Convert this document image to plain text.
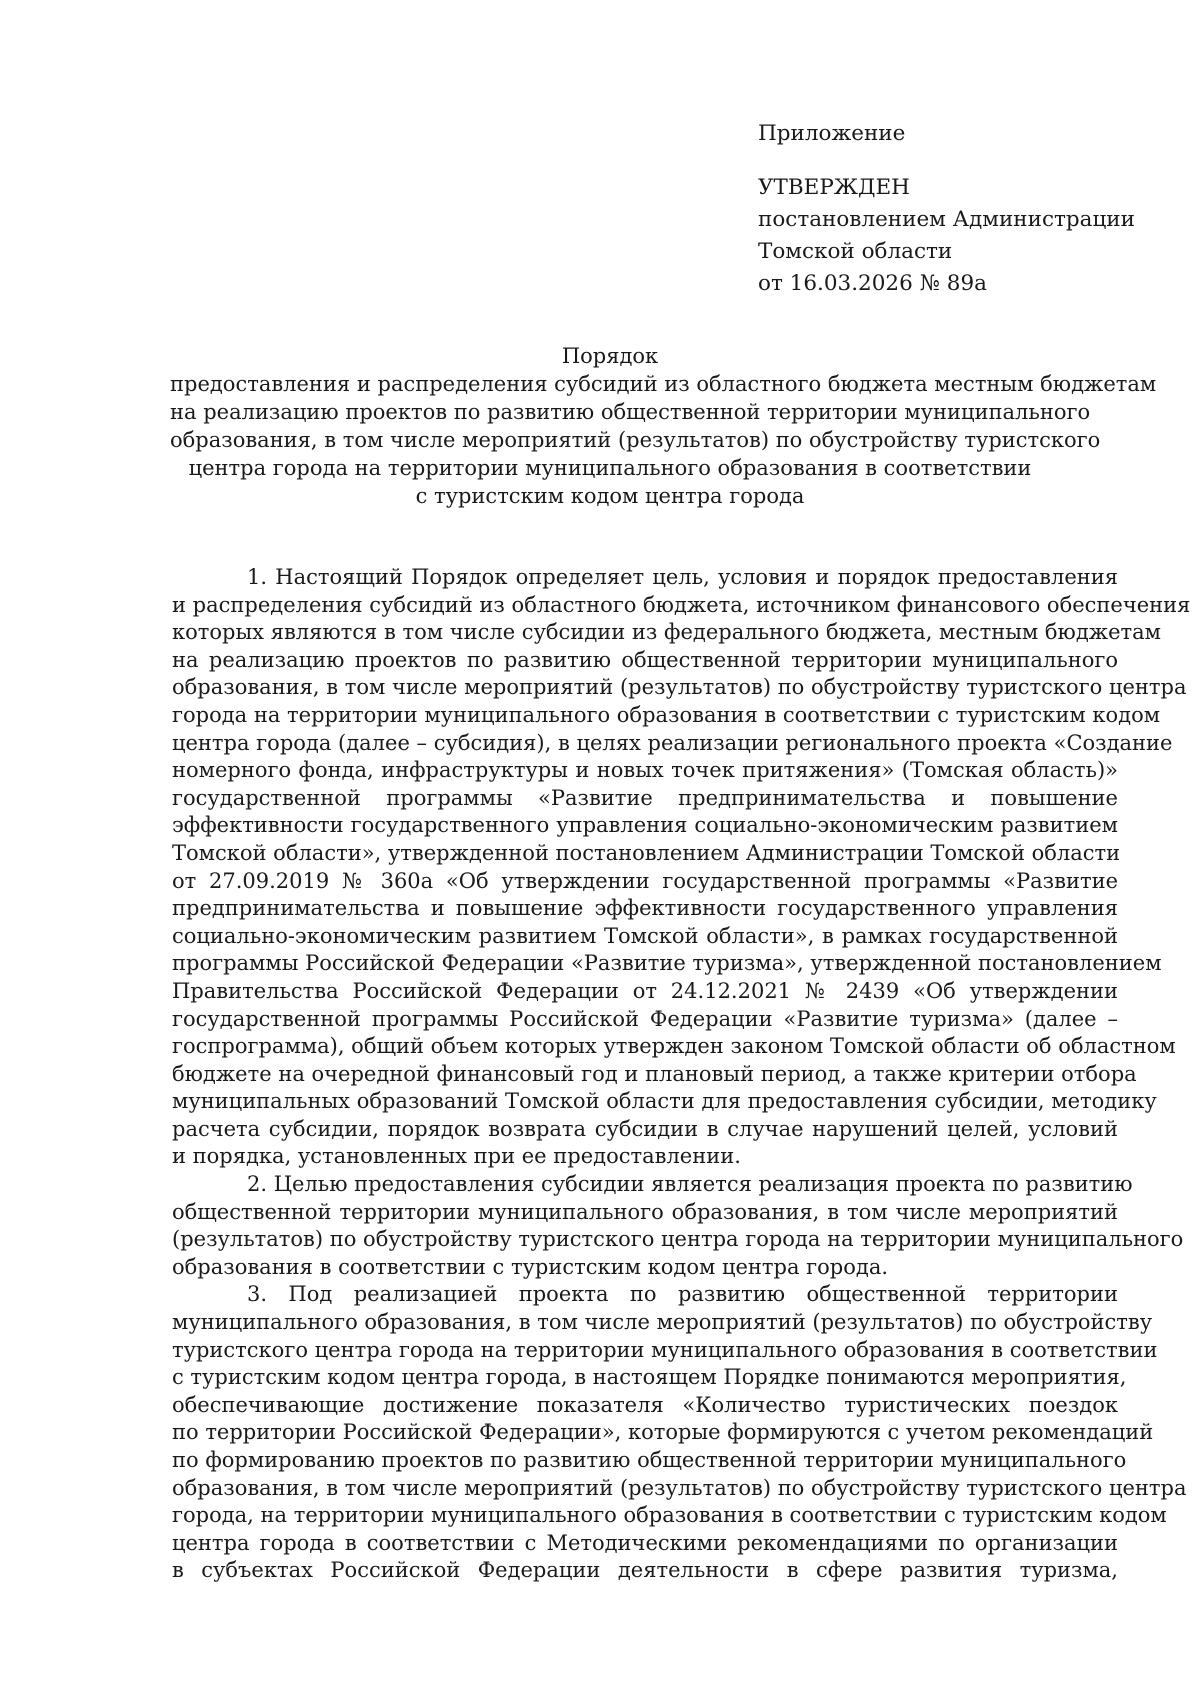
Приложение
УТВЕРЖДЕН
постановлением Администрации
Томской области
от 16.03.2026 № 89а
Порядок
предоставления и распределения субсидий из областного бюджета местным бюджетам
на реализацию проектов по развитию общественной территории муниципального
образования, в том числе мероприятий (результатов) по обустройству туристского
центра города на территории муниципального образования в соответствии
с туристским кодом центра города
1. Настоящий Порядок определяет цель, условия и порядок предоставления
и распределения субсидий из областного бюджета, источником финансового обеспечения
которых являются в том числе субсидии из федерального бюджета, местным бюджетам
на реализацию проектов по развитию общественной территории муниципального
образования, в том числе мероприятий (результатов) по обустройству туристского центра
города на территории муниципального образования в соответствии с туристским кодом
центра города (далее – субсидия), в целях реализации регионального проекта «Создание
номерного фонда, инфраструктуры и новых точек притяжения» (Томская область)»
государственной программы «Развитие предпринимательства и повышение
эффективности государственного управления социально-экономическим развитием
Томской области», утвержденной постановлением Администрации Томской области
от 27.09.2019 № 360а «Об утверждении государственной программы «Развитие
предпринимательства и повышение эффективности государственного управления
социально-экономическим развитием Томской области», в рамках государственной
программы Российской Федерации «Развитие туризма», утвержденной постановлением
Правительства Российской Федерации от 24.12.2021 № 2439 «Об утверждении
государственной программы Российской Федерации «Развитие туризма» (далее –
госпрограмма), общий объем которых утвержден законом Томской области об областном
бюджете на очередной финансовый год и плановый период, а также критерии отбора
муниципальных образований Томской области для предоставления субсидии, методику
расчета субсидии, порядок возврата субсидии в случае нарушений целей, условий
и порядка, установленных при ее предоставлении.
2. Целью предоставления субсидии является реализация проекта по развитию
общественной территории муниципального образования, в том числе мероприятий
(результатов) по обустройству туристского центра города на территории муниципального
образования в соответствии с туристским кодом центра города.
3. Под реализацией проекта по развитию общественной территории
муниципального образования, в том числе мероприятий (результатов) по обустройству
туристского центра города на территории муниципального образования в соответствии
с туристским кодом центра города, в настоящем Порядке понимаются мероприятия,
обеспечивающие достижение показателя «Количество туристических поездок
по территории Российской Федерации», которые формируются с учетом рекомендаций
по формированию проектов по развитию общественной территории муниципального
образования, в том числе мероприятий (результатов) по обустройству туристского центра
города, на территории муниципального образования в соответствии с туристским кодом
центра города в соответствии с Методическими рекомендациями по организации
в субъектах Российской Федерации деятельности в сфере развития туризма,
